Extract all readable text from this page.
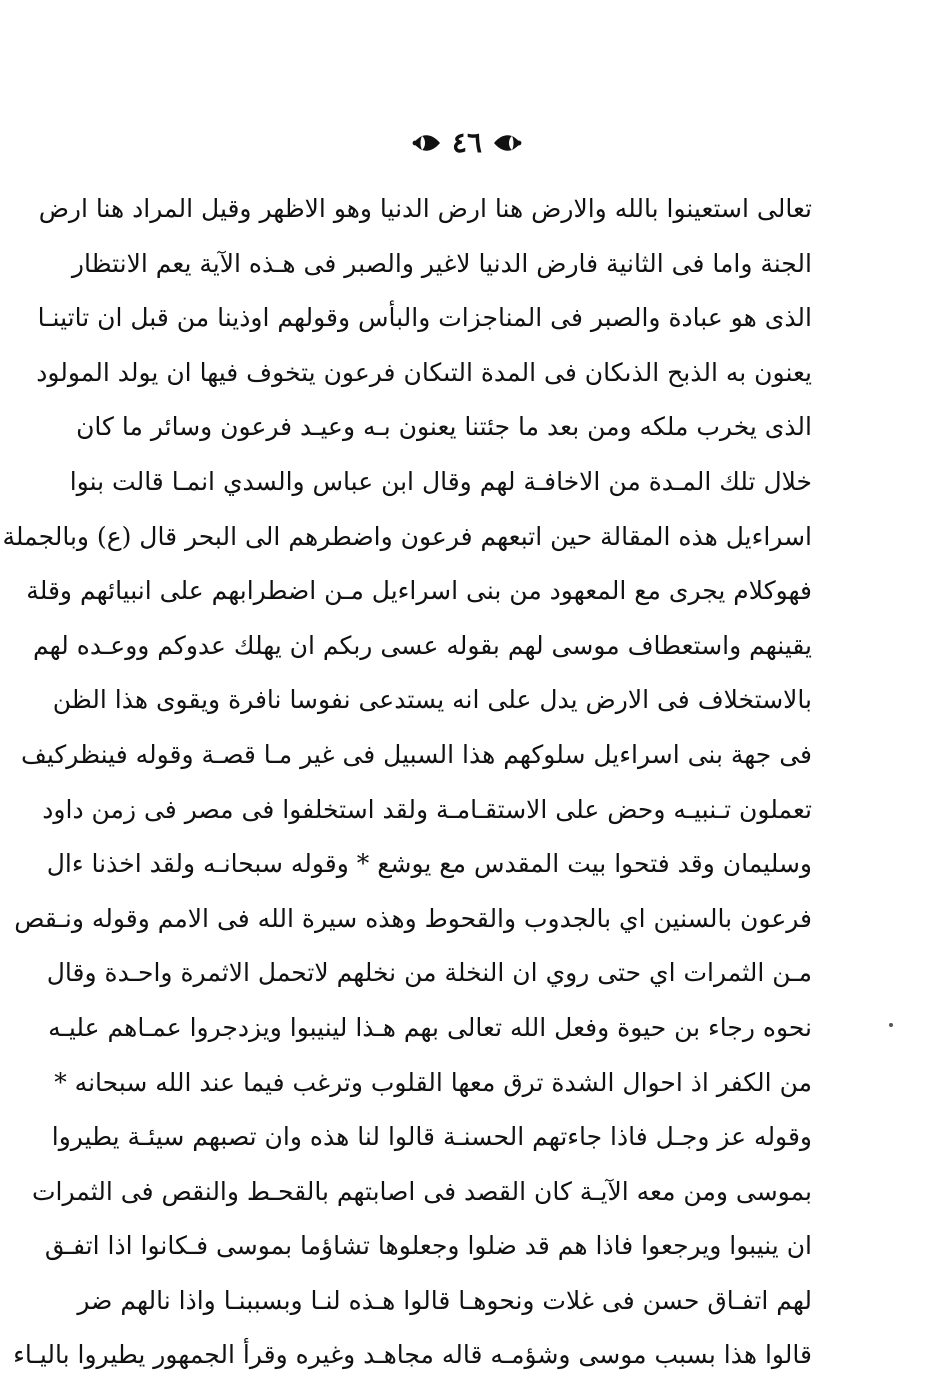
٤٦
تعالى استعينوا بالله والارض هنا ارض الدنيا وهو الاظهر وقيل المراد هنا ارض
الجنة واما فى الثانية فارض الدنيا لاغير والصبر فى هـذه الآية يعم الانتظار
الذى هو عبادة والصبر فى المناجزات والبأس وقولهم اوذينا من قبل ان تاتينـا
يعنون به الذبح الذىكان فى المدة التىكان فرعون يتخوف فيها ان يولد المولود
الذى يخرب ملكه ومن بعد ما جئتنا يعنون بـه وعيـد فرعون وسائر ما كان
خلال تلك المـدة من الاخافـة لهم وقال ابن عباس والسدي انمـا قالت بنوا
اسرا‌ءيل هذه المقالة حين اتبعهم فرعون واضطرهم الى البحر قال (ع) وبالجملة
فهوكلام يجرى مع المعهود من بنى اسرا‌ءيل مـن اضطرابهم على انبيائهم وقلة
يقينهم واستعطاف موسى لهم بقوله عسى ربكم ان يهلك عدوكم ووعـده لهم
بالاستخلاف فى الارض يدل على انه يستدعى نفوسا نافرة ويقوى هذا الظن
فى جهة بنى اسرا‌ءيل سلوكهم هذا السبيل فى غير مـا قصـة وقوله فينظركيف
تعملون تـنبيـه وحض على الاستقـامـة ولقد استخلفوا فى مصر فى زمن داود
وسليمان وقد فتحوا بيت المقدس مع يوشع * وقوله سبحانـه ولقد اخذنا ءال
فرعون بالسنين اي بالجدوب والقحوط وهذه سيرة الله فى الامم وقوله ونـقص
مـن الثمرات اي حتى روي ان النخلة من نخلهم لاتحمل الاثمرة واحـدة وقال
نحوه رجاء بن حيوة وفعل الله تعالى بهم هـذا لينيبوا ويزدجروا عمـاهم عليـه
من الكفر اذ احوال الشدة ترق معها القلوب وترغب فيما عند الله سبحانه *
وقوله عز وجـل فاذا جاءتهم الحسنـة قالوا لنا هذه وان تصبهم سيئـة يطيروا
بموسى ومن معه الآيـة كان القصد فى اصابتهم بالقحـط والنقص فى الثمرات
ان ينيبوا ويرجعوا فاذا هم قد ضلوا وجعلوها تشاؤما بموسى فـكانوا اذا اتفـق
لهم اتفـاق حسن فى غلات ونحوهـا قالوا هـذه لنـا وبسببنـا واذا نالهم ضر
قالوا هذا بسبب موسى وشؤمـه قاله مجاهـد وغيره وقرأ الجمهور يطيروا باليـاء
